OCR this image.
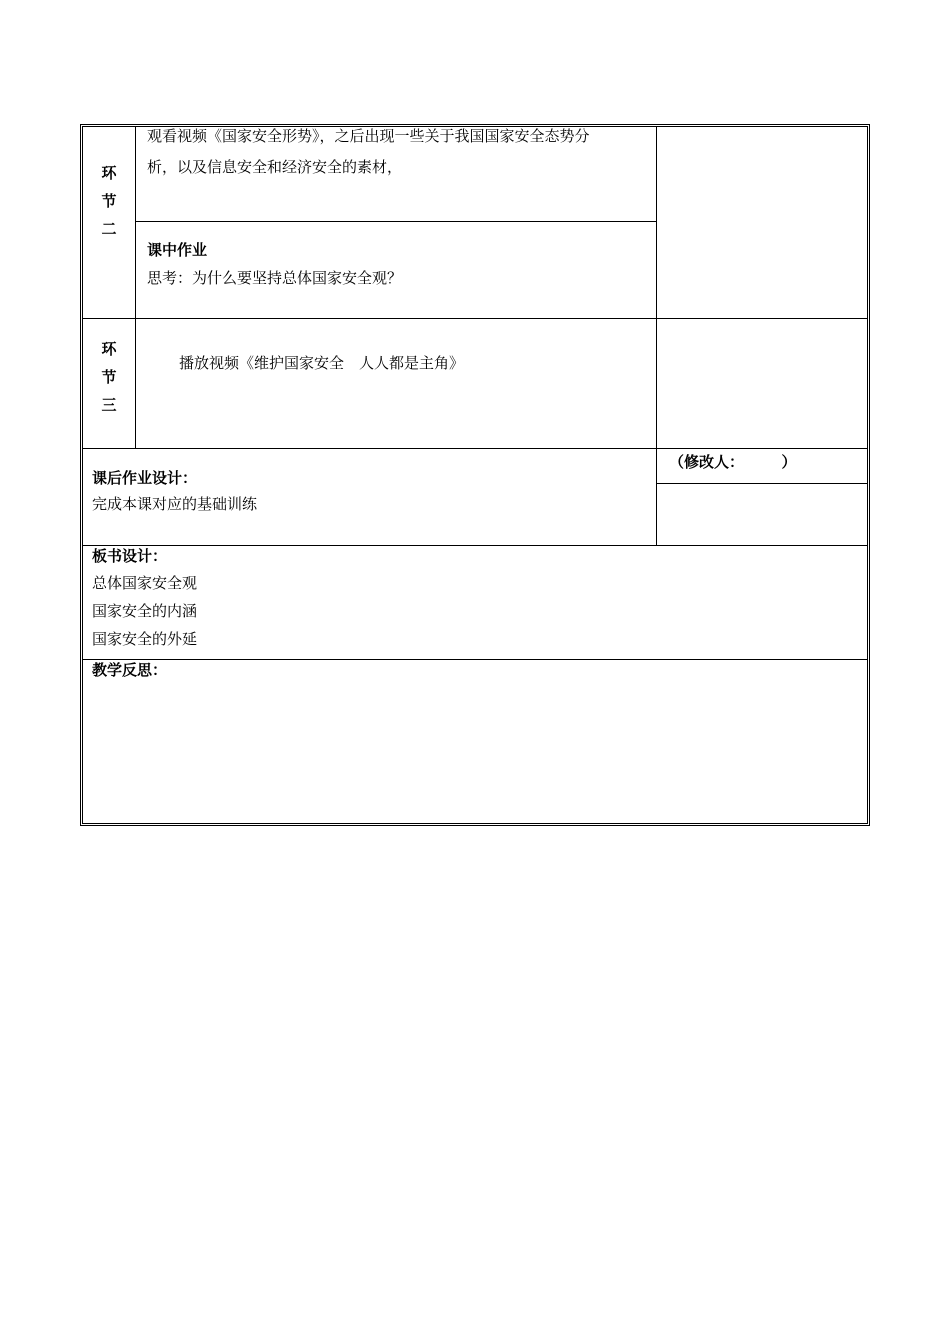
环
节
二
观看视频《国家安全形势》，之后出现一些关于我国国家安全态势分
析，以及信息安全和经济安全的素材，
课中作业
思考：为什么要坚持总体国家安全观？
环
节
三
播放视频《维护国家安全　人人都是主角》
课后作业设计：
完成本课对应的基础训练
（修改人：　　　）
板书设计：
总体国家安全观
国家安全的内涵
国家安全的外延
教学反思：
